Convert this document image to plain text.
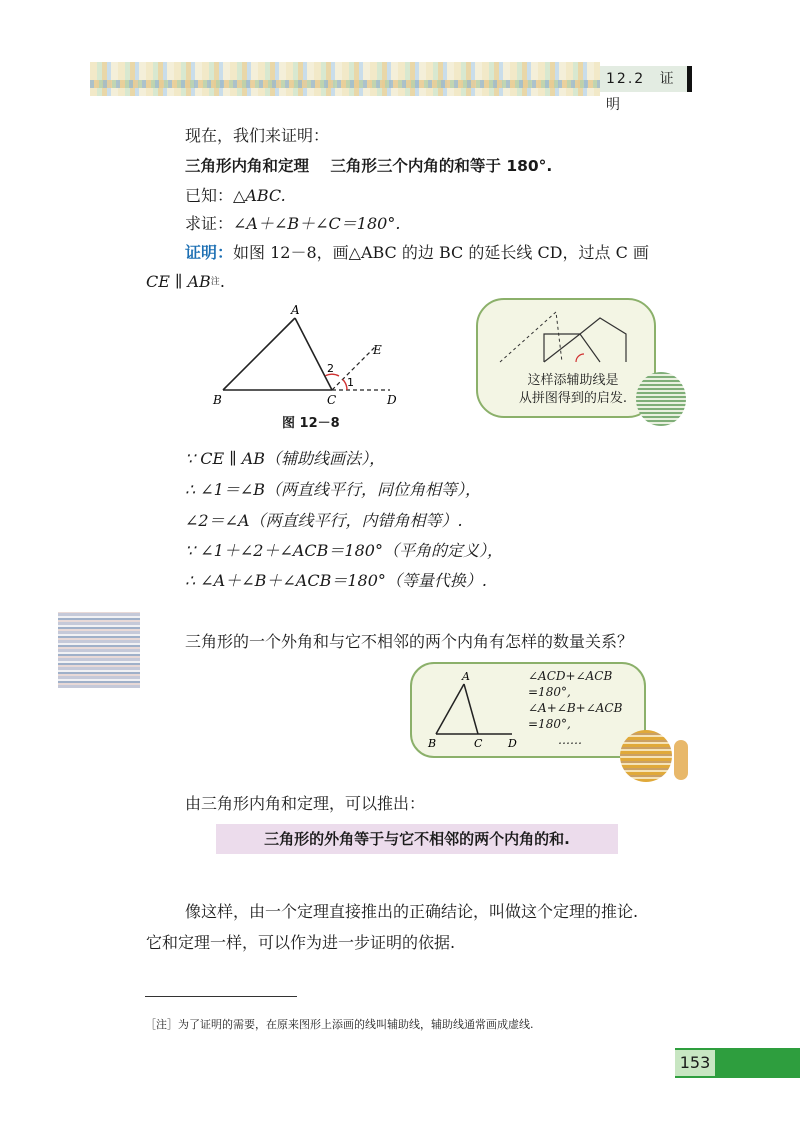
12.2 证 明
现在，我们来证明：
三角形内角和定理 三角形三个内角的和等于 180°.
已知：△ABC.
求证：∠A＋∠B＋∠C＝180°.
证明：如图 12－8，画△ABC 的边 BC 的延长线 CD，过点 C 画
CE ∥ $AB^注$.
A
B	C	D
E
1
2
图 12－8
这样添辅助线是
从拼图得到的启发.
∵ CE ∥ AB（辅助线画法），
∴ ∠1＝∠B（两直线平行，同位角相等），
∠2＝∠A（两直线平行，内错角相等）.
∵ ∠1＋∠2＋∠ACB＝180°（平角的定义），
∴ ∠A＋∠B＋∠ACB＝180°（等量代换）.
三角形的一个外角和与它不相邻的两个内角有怎样的数量关系？
A
B	C D
∠ACD+∠ACB
=180°,
∠A+∠B+∠ACB
=180°,
……
由三角形内角和定理，可以推出：
三角形的外角等于与它不相邻的两个内角的和.
像这样，由一个定理直接推出的正确结论，叫做这个定理的推论.
它和定理一样，可以作为进一步证明的依据.
［注］为了证明的需要，在原来图形上添画的线叫辅助线，辅助线通常画成虚线.
153
